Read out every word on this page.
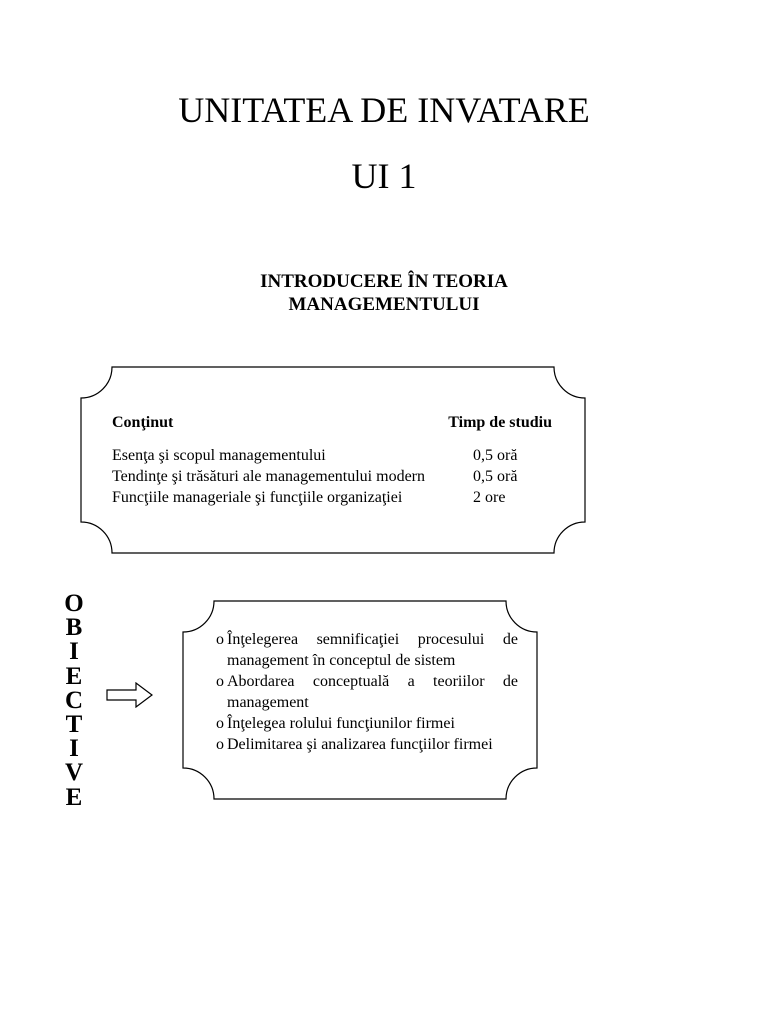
UNITATEA DE INVATARE
UI 1
INTRODUCERE ÎN TEORIA
MANAGEMENTULUI
Conţinut	Timp de studiu
Esenţa şi scopul managementului	0,5 oră
Tendinţe şi trăsături ale managementului modern	0,5 oră
Funcţiile manageriale şi funcţiile organizaţiei	2 ore
O
B
I
E
C
T
I
V
E
o Înţelegerea semnificaţiei procesului de management în conceptul de sistem
o Abordarea conceptuală a teoriilor de management
o Înţelegea rolului funcţiunilor firmei
o Delimitarea şi analizarea funcţiilor firmei
